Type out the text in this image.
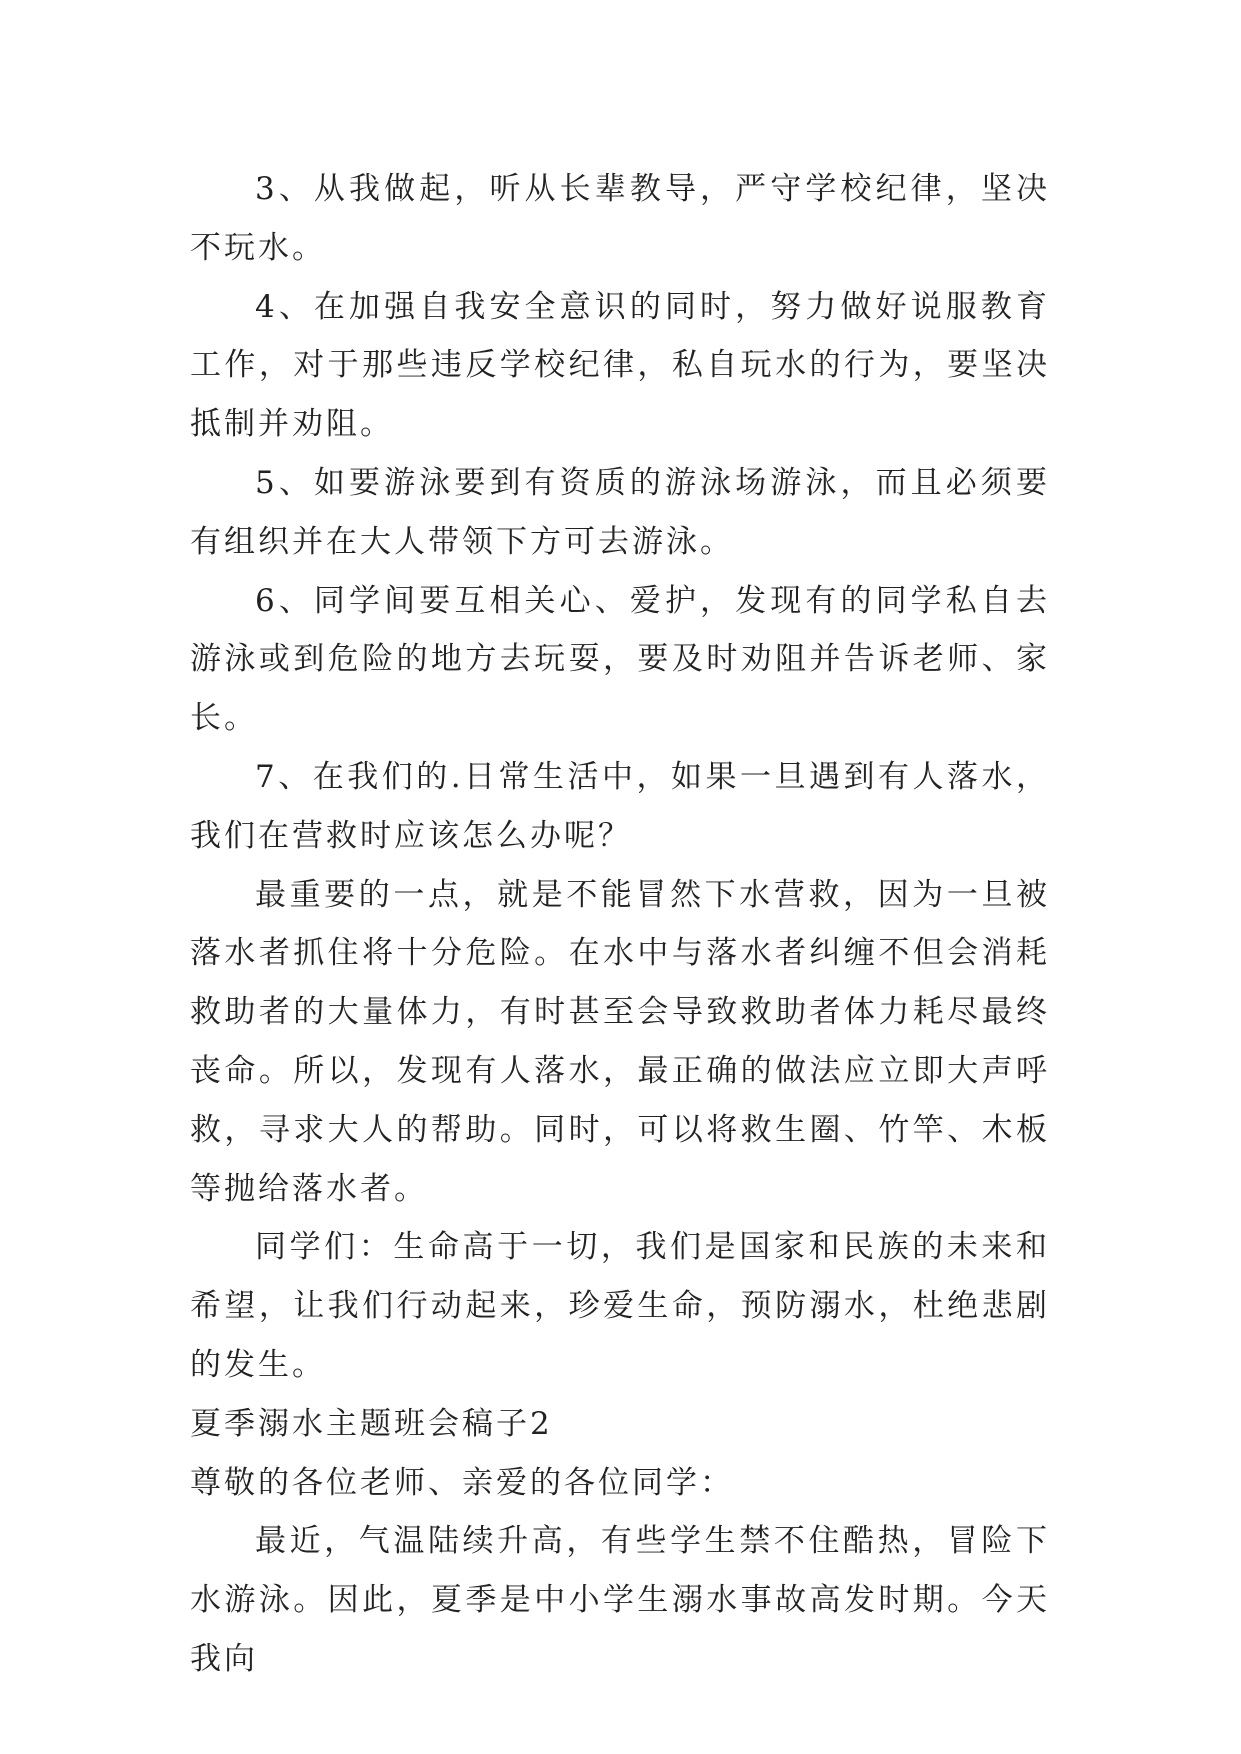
3、从我做起，听从长辈教导，严守学校纪律，坚决不玩水。

4、在加强自我安全意识的同时，努力做好说服教育工作，对于那些违反学校纪律，私自玩水的行为，要坚决抵制并劝阻。

5、如要游泳要到有资质的游泳场游泳，而且必须要有组织并在大人带领下方可去游泳。

6、同学间要互相关心、爱护，发现有的同学私自去游泳或到危险的地方去玩耍，要及时劝阻并告诉老师、家长。

7、在我们的.日常生活中，如果一旦遇到有人落水，我们在营救时应该怎么办呢？

最重要的一点，就是不能冒然下水营救，因为一旦被落水者抓住将十分危险。在水中与落水者纠缠不但会消耗救助者的大量体力，有时甚至会导致救助者体力耗尽最终丧命。所以，发现有人落水，最正确的做法应立即大声呼救，寻求大人的帮助。同时，可以将救生圈、竹竿、木板等抛给落水者。

同学们：生命高于一切，我们是国家和民族的未来和希望，让我们行动起来，珍爱生命，预防溺水，杜绝悲剧的发生。

夏季溺水主题班会稿子2

尊敬的各位老师、亲爱的各位同学：

最近，气温陆续升高，有些学生禁不住酷热，冒险下水游泳。因此，夏季是中小学生溺水事故高发时期。今天我向
